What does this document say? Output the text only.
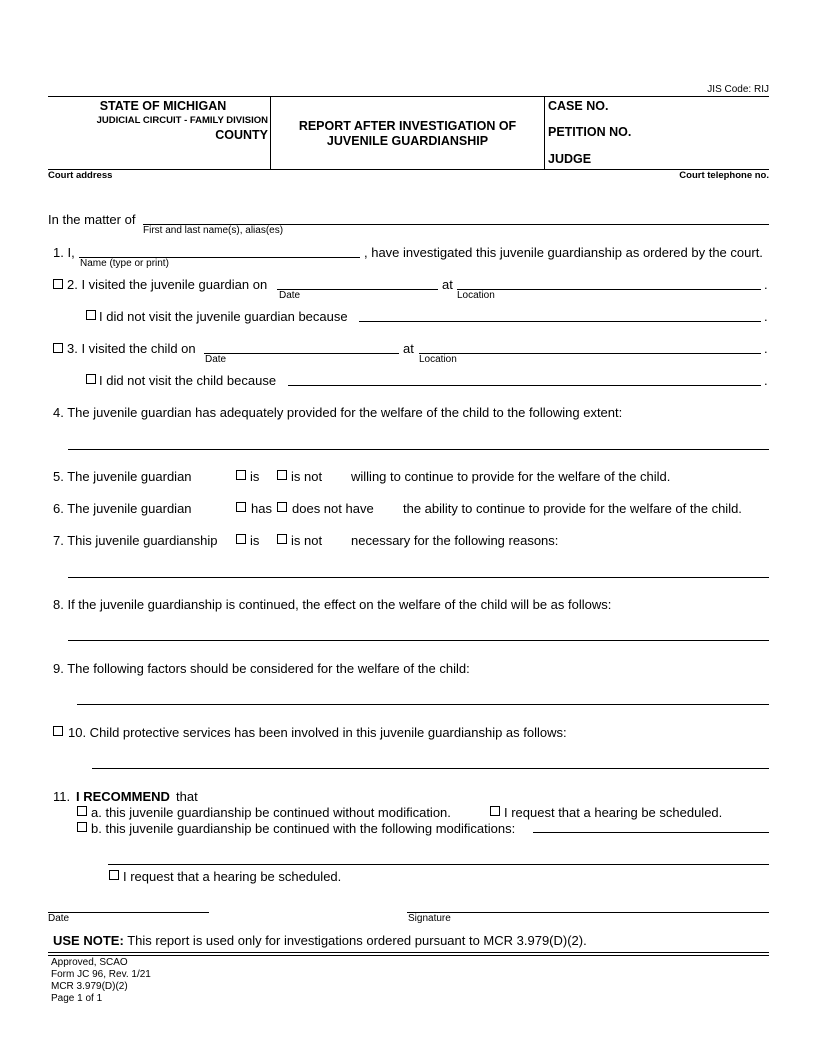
JIS Code: RIJ
STATE OF MICHIGAN
JUDICIAL CIRCUIT - FAMILY DIVISION
COUNTY
REPORT AFTER INVESTIGATION OF
JUVENILE GUARDIANSHIP
CASE NO.
PETITION NO.
JUDGE
Court address	Court telephone no.
In the matter of
First and last name(s), alias(es)
1. I,	, have investigated this juvenile guardianship as ordered by the court.
Name (type or print)
2. I visited the juvenile guardian on	at	.
Date	Location
I did not visit the juvenile guardian because	.
3. I visited the child on	at	.
Date	Location
I did not visit the child because	.
4. The juvenile guardian has adequately provided for the welfare of the child to the following extent:
5. The juvenile guardian	is is not willing to continue to provide for the welfare of the child.
6. The juvenile guardian	has does not have the ability to continue to provide for the welfare of the child.
7. This juvenile guardianship is is not necessary for the following reasons:
8. If the juvenile guardianship is continued, the effect on the welfare of the child will be as follows:
9. The following factors should be considered for the welfare of the child:
10. Child protective services has been involved in this juvenile guardianship as follows:
11. I RECOMMEND that
a. this juvenile guardianship be continued without modification.	I request that a hearing be scheduled.
b. this juvenile guardianship be continued with the following modifications:
I request that a hearing be scheduled.
Date	Signature
USE NOTE: This report is used only for investigations ordered pursuant to MCR 3.979(D)(2).
Approved, SCAO
Form JC 96, Rev. 1/21
MCR 3.979(D)(2)
Page 1 of 1
